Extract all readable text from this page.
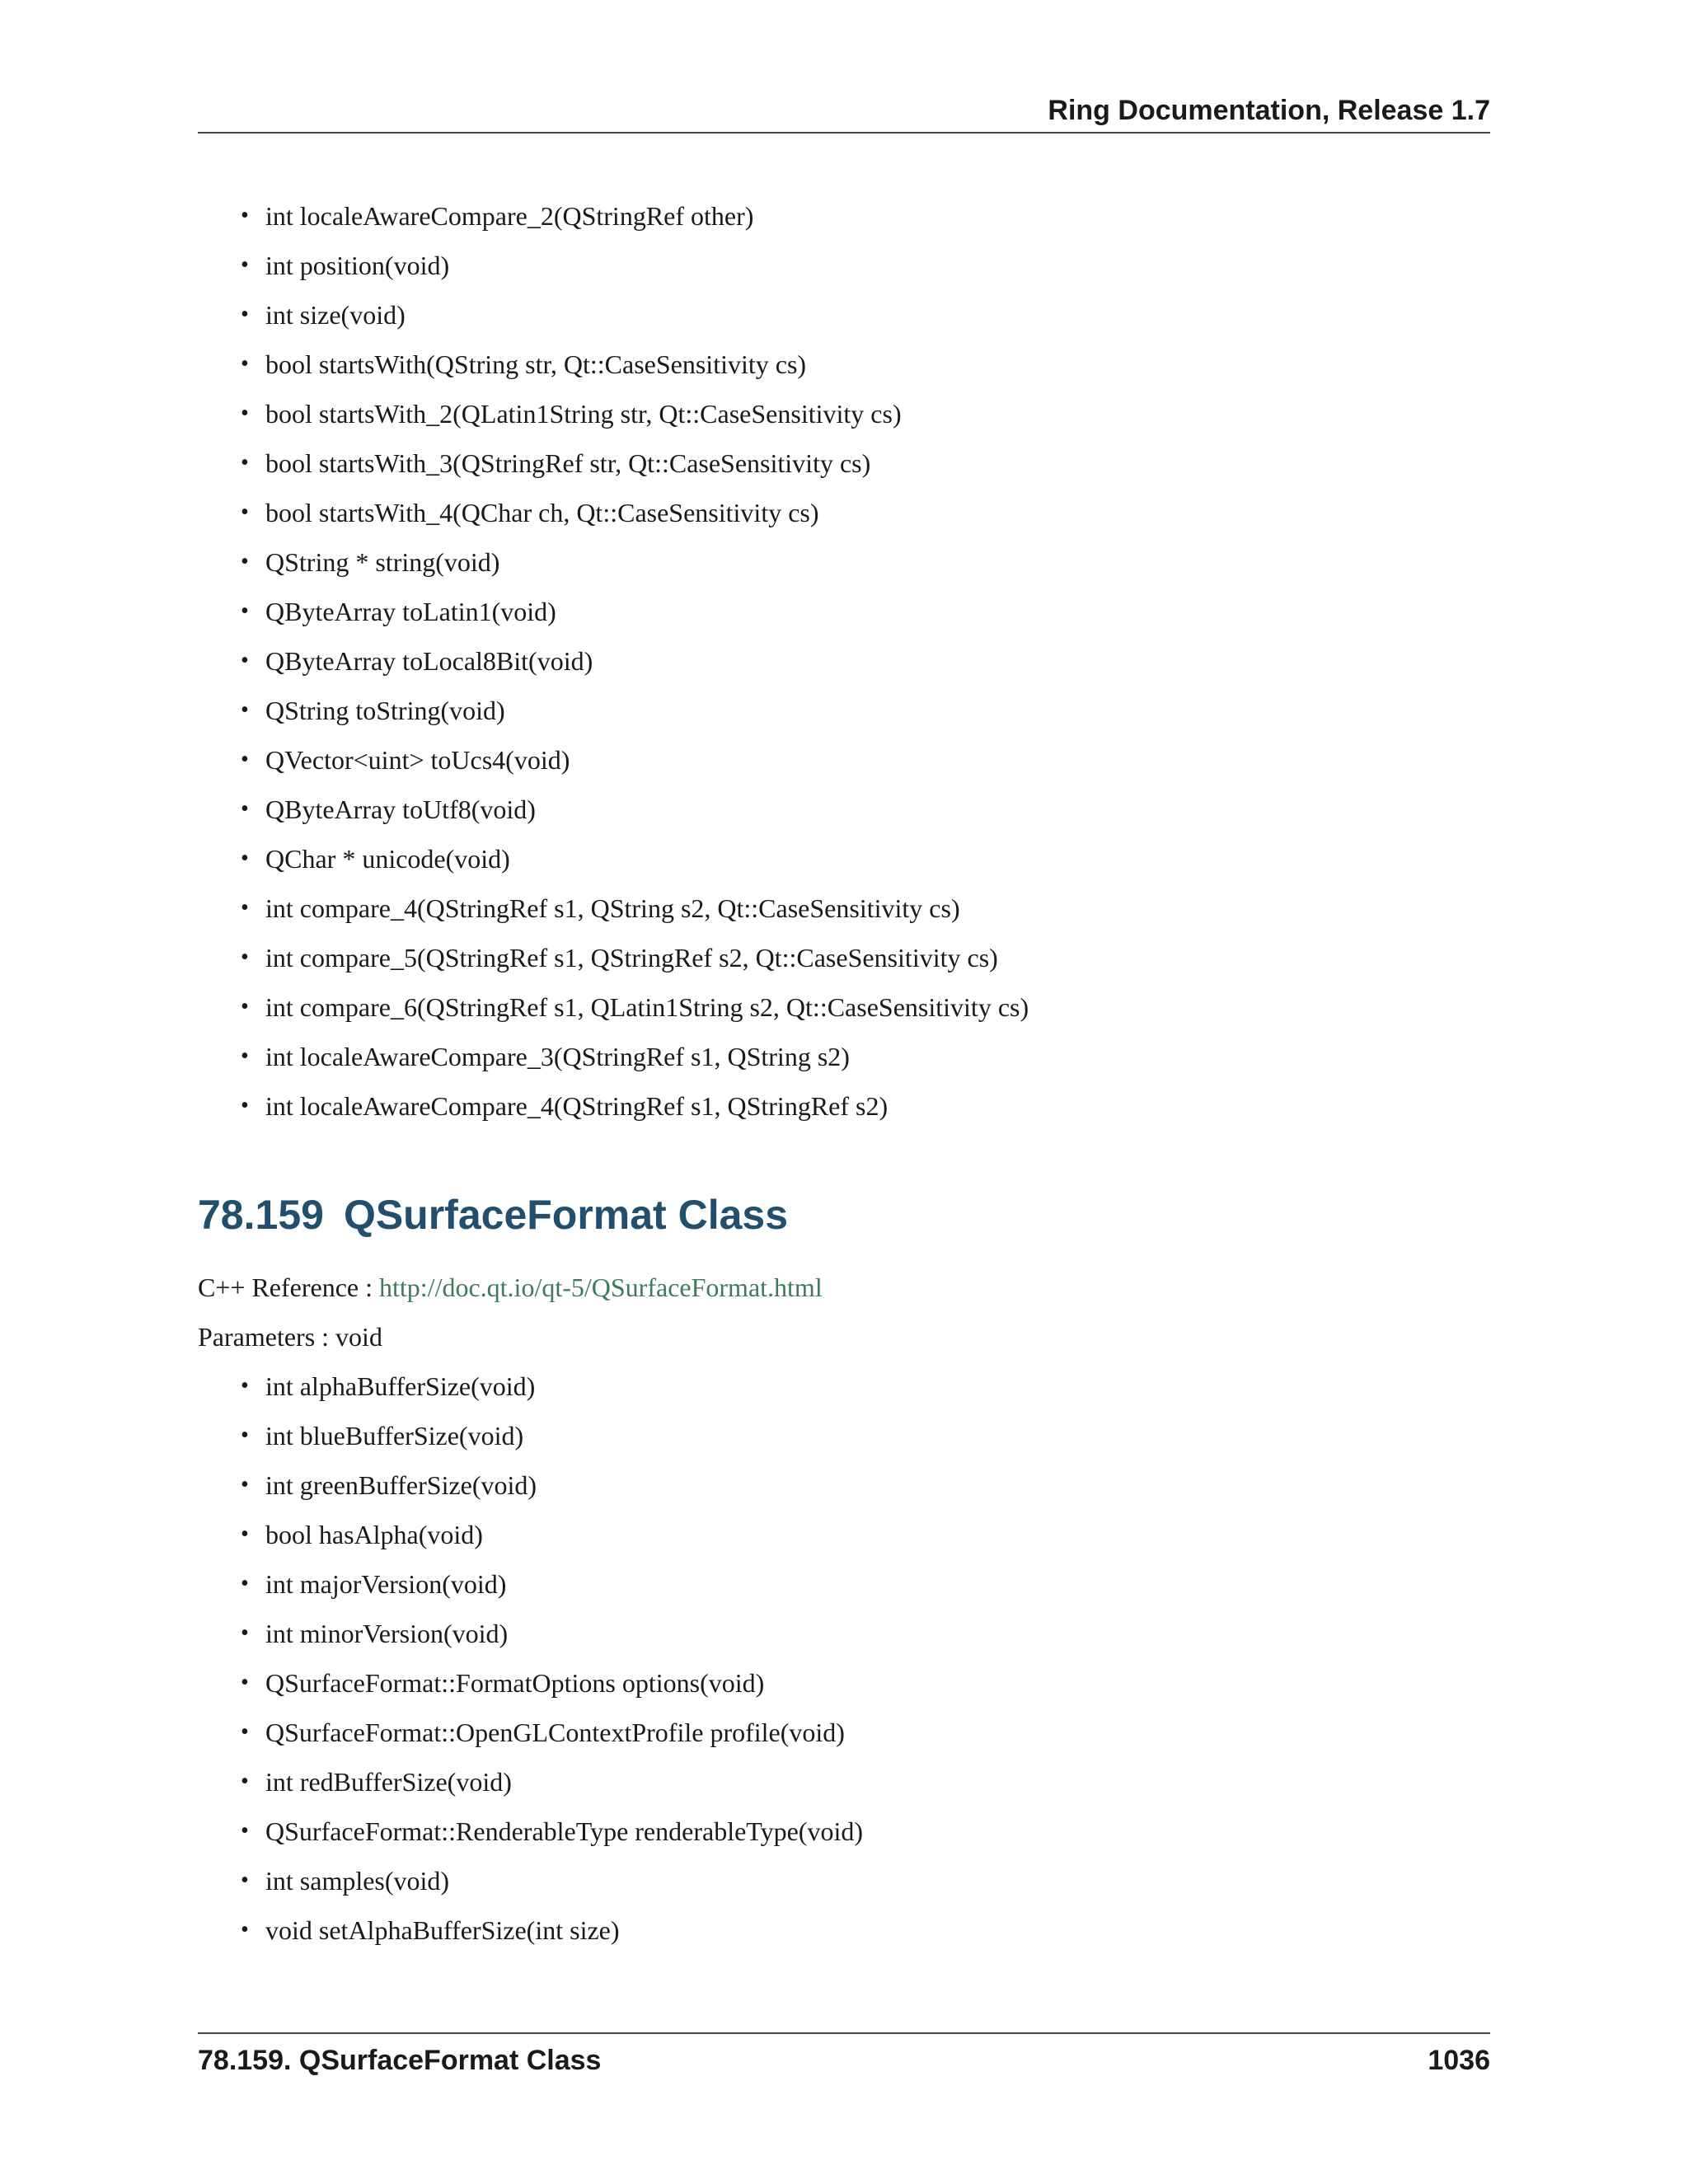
Ring Documentation, Release 1.7
• int localeAwareCompare_2(QStringRef other)
• int position(void)
• int size(void)
• bool startsWith(QString str, Qt::CaseSensitivity cs)
• bool startsWith_2(QLatin1String str, Qt::CaseSensitivity cs)
• bool startsWith_3(QStringRef str, Qt::CaseSensitivity cs)
• bool startsWith_4(QChar ch, Qt::CaseSensitivity cs)
• QString * string(void)
• QByteArray toLatin1(void)
• QByteArray toLocal8Bit(void)
• QString toString(void)
• QVector<uint> toUcs4(void)
• QByteArray toUtf8(void)
• QChar * unicode(void)
• int compare_4(QStringRef s1, QString s2, Qt::CaseSensitivity cs)
• int compare_5(QStringRef s1, QStringRef s2, Qt::CaseSensitivity cs)
• int compare_6(QStringRef s1, QLatin1String s2, Qt::CaseSensitivity cs)
• int localeAwareCompare_3(QStringRef s1, QString s2)
• int localeAwareCompare_4(QStringRef s1, QStringRef s2)
78.159 QSurfaceFormat Class
C++ Reference : http://doc.qt.io/qt-5/QSurfaceFormat.html
Parameters : void
• int alphaBufferSize(void)
• int blueBufferSize(void)
• int greenBufferSize(void)
• bool hasAlpha(void)
• int majorVersion(void)
• int minorVersion(void)
• QSurfaceFormat::FormatOptions options(void)
• QSurfaceFormat::OpenGLContextProfile profile(void)
• int redBufferSize(void)
• QSurfaceFormat::RenderableType renderableType(void)
• int samples(void)
• void setAlphaBufferSize(int size)
78.159. QSurfaceFormat Class	1036
